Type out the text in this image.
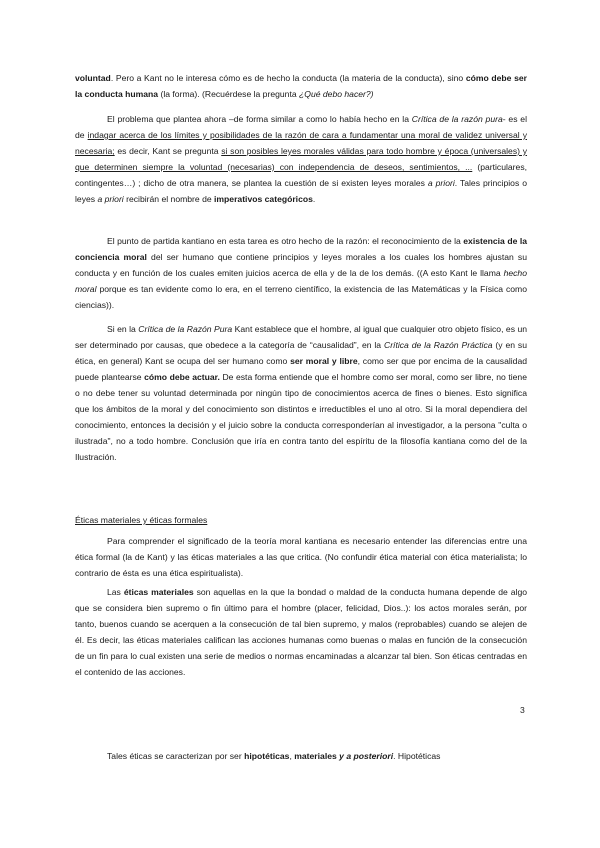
voluntad. Pero a Kant no le interesa cómo es de hecho la conducta (la materia de la conducta), sino cómo debe ser la conducta humana (la forma). (Recuérdese la pregunta ¿Qué debo hacer?)

El problema que plantea ahora –de forma similar a como lo había hecho en la Crítica de la razón pura- es el de indagar acerca de los límites y posibilidades de la razón de cara a fundamentar una moral de validez universal y necesaria; es decir, Kant se pregunta si son posibles leyes morales válidas para todo hombre y época (universales) y que determinen siempre la voluntad (necesarias) con independencia de deseos, sentimientos, ... (particulares, contingentes…) ; dicho de otra manera, se plantea la cuestión de si existen leyes morales a priori. Tales principios o leyes a priori recibirán el nombre de imperativos categóricos.

El punto de partida kantiano en esta tarea es otro hecho de la razón: el reconocimiento de la existencia de la conciencia moral del ser humano que contiene principios y leyes morales a los cuales los hombres ajustan su conducta y en función de los cuales emiten juicios acerca de ella y de la de los demás. ((A esto Kant le llama hecho moral porque es tan evidente como lo era, en el terreno científico, la existencia de las Matemáticas y la Física como ciencias)).

Si en la Crítica de la Razón Pura Kant establece que el hombre, al igual que cualquier otro objeto físico, es un ser determinado por causas, que obedece a la categoría de “causalidad”, en la Crítica de la Razón Práctica (y en su ética, en general) Kant se ocupa del ser humano como ser moral y libre, como ser que por encima de la causalidad puede plantearse cómo debe actuar. De esta forma entiende que el hombre como ser moral, como ser libre, no tiene o no debe tener su voluntad determinada por ningún tipo de conocimientos acerca de fines o bienes. Esto significa que los ámbitos de la moral y del conocimiento son distintos e irreductibles el uno al otro. Si la moral dependiera del conocimiento, entonces la decisión y el juicio sobre la conducta corresponderían al investigador, a la persona "culta o ilustrada", no a todo hombre. Conclusión que iría en contra tanto del espíritu de la filosofía kantiana como del de la Ilustración.

Éticas materiales y éticas formales

Para comprender el significado de la teoría moral kantiana es necesario entender las diferencias entre una ética formal (la de Kant) y las éticas materiales a las que critica. (No confundir ética material con ética materialista; lo contrario de ésta es una ética espiritualista).

Las éticas materiales son aquellas en la que la bondad o maldad de la conducta humana depende de algo que se considera bien supremo o fin último para el hombre (placer, felicidad, Dios..): los actos morales serán, por tanto, buenos cuando se acerquen a la consecución de tal bien supremo, y malos (reprobables) cuando se alejen de él. Es decir, las éticas materiales califican las acciones humanas como buenas o malas en función de la consecución de un fin para lo cual existen una serie de medios o normas encaminadas a alcanzar tal bien. Son éticas centradas en el contenido de las acciones.

3

Tales éticas se caracterizan por ser hipotéticas, materiales y a posteriori. Hipotéticas
